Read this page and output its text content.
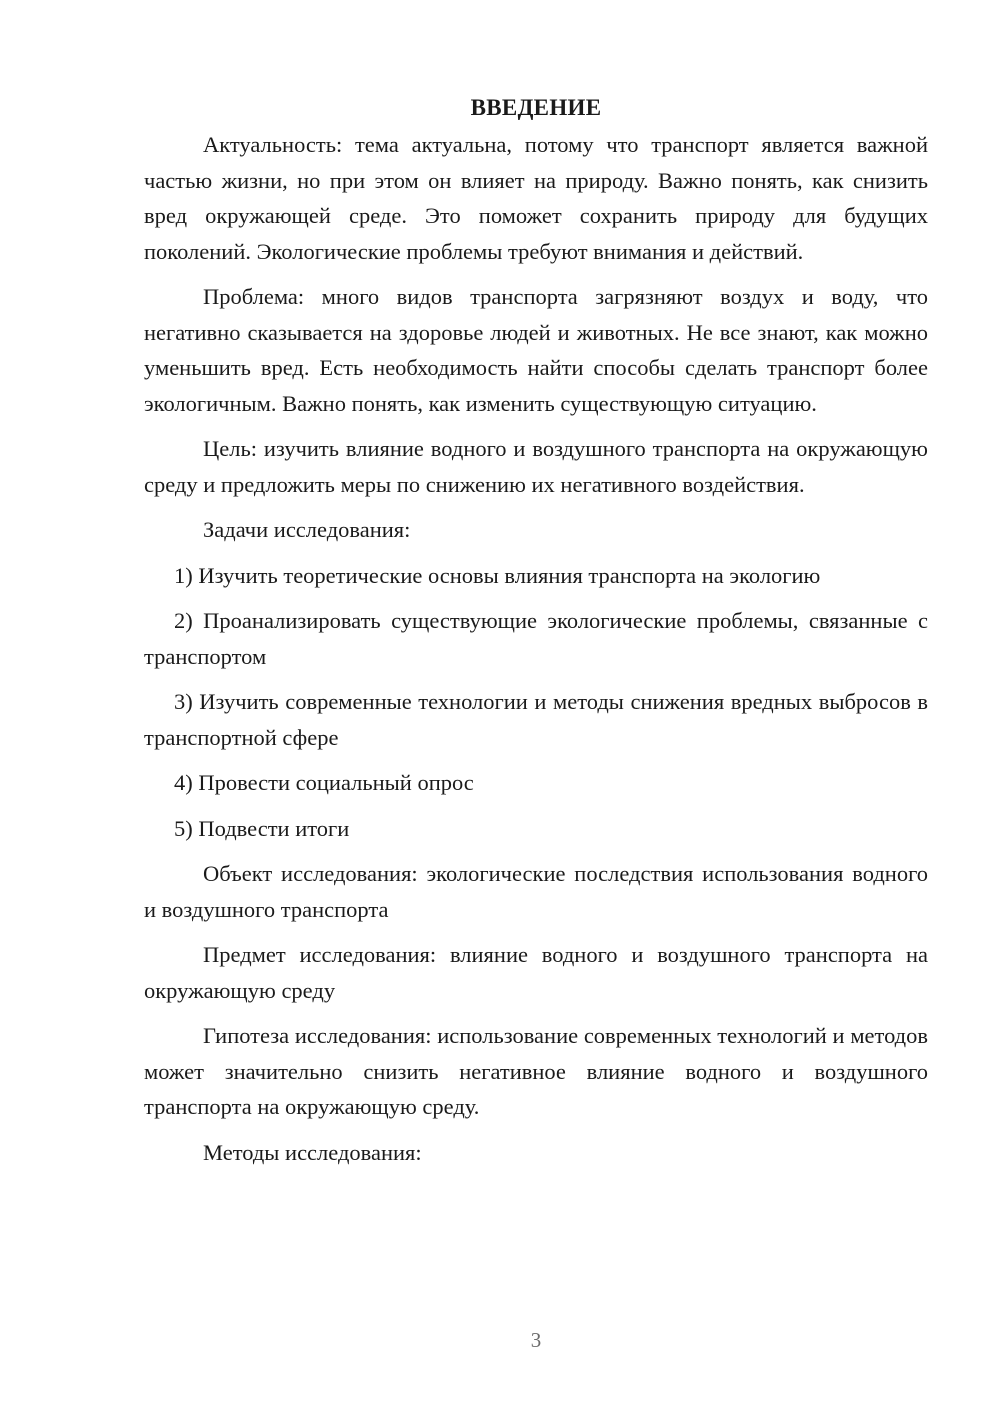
ВВЕДЕНИЕ

Актуальность: тема актуальна, потому что транспорт является важной частью жизни, но при этом он влияет на природу. Важно понять, как снизить вред окружающей среде. Это поможет сохранить природу для будущих поколений. Экологические проблемы требуют внимания и действий.

Проблема: много видов транспорта загрязняют воздух и воду, что негативно сказывается на здоровье людей и животных. Не все знают, как можно уменьшить вред. Есть необходимость найти способы сделать транспорт более экологичным. Важно понять, как изменить существующую ситуацию.

Цель: изучить влияние водного и воздушного транспорта на окружающую среду и предложить меры по снижению их негативного воздействия.

Задачи исследования:

1) Изучить теоретические основы влияния транспорта на экологию

2) Проанализировать существующие экологические проблемы, связанные с транспортом

3) Изучить современные технологии и методы снижения вредных выбросов в транспортной сфере

4) Провести социальный опрос

5) Подвести итоги

Объект исследования: экологические последствия использования водного и воздушного транспорта

Предмет исследования: влияние водного и воздушного транспорта на окружающую среду

Гипотеза исследования: использование современных технологий и методов может значительно снизить негативное влияние водного и воздушного транспорта на окружающую среду.

Методы исследования:

3
